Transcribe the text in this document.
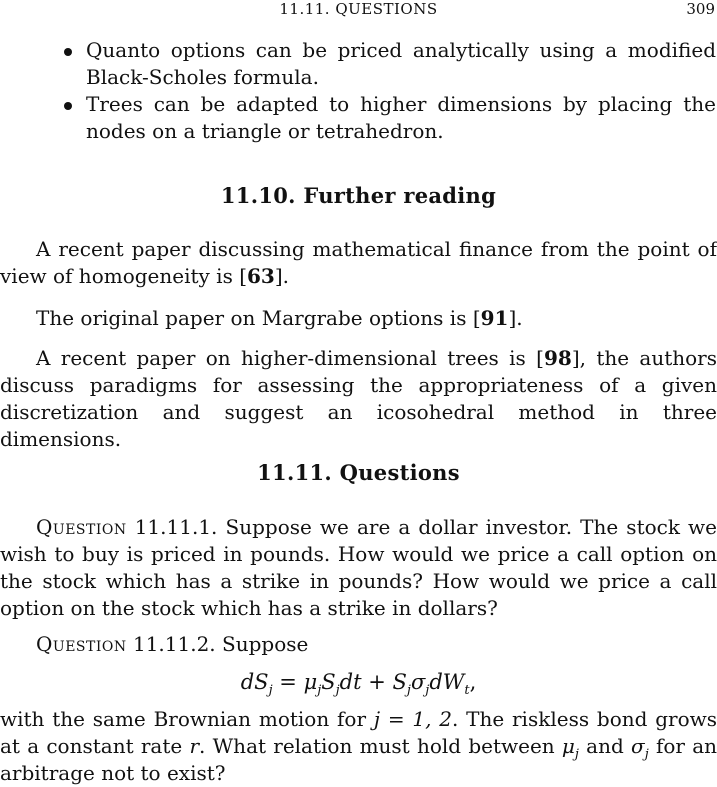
11.11. QUESTIONS	309
Quanto options can be priced analytically using a modified Black-Scholes formula.
Trees can be adapted to higher dimensions by placing the nodes on a triangle or tetrahedron.
11.10. Further reading

A recent paper discussing mathematical finance from the point of view of homogeneity is [63].

The original paper on Margrabe options is [91].

A recent paper on higher-dimensional trees is [98], the authors discuss paradigms for assessing the appropriateness of a given discretization and suggest an icosohedral method in three dimensions.

11.11. Questions

Question 11.11.1. Suppose we are a dollar investor. The stock we wish to buy is priced in pounds. How would we price a call option on the stock which has a strike in pounds? How would we price a call option on the stock which has a strike in dollars?

Question 11.11.2. Suppose

$dS_j = \mu_jS_jdt + S_j\sigma_jdW_t$,

with the same Brownian motion for j = 1, 2. The riskless bond grows at a constant rate r. What relation must hold between $\mu_j$ and $\sigma_j$ for an arbitrage not to exist?
